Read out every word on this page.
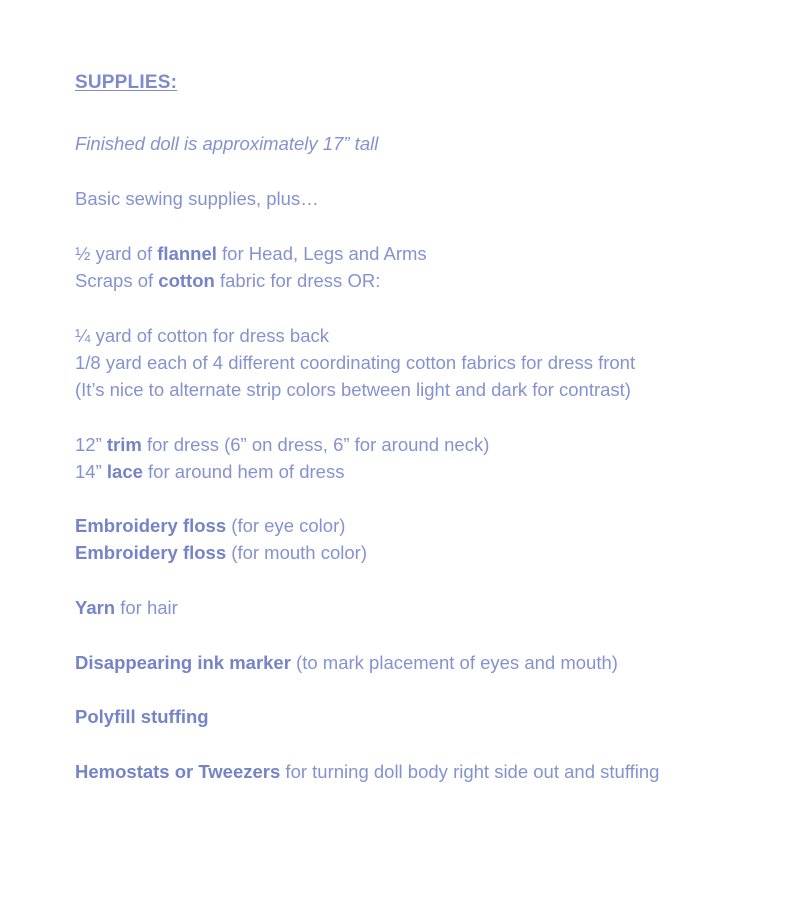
SUPPLIES:
Finished doll is approximately 17” tall
Basic sewing supplies, plus…
½ yard of flannel for Head, Legs and Arms
Scraps of cotton fabric for dress OR:
¼ yard of cotton for dress back
1/8 yard each of 4 different coordinating cotton fabrics for dress front
(It’s nice to alternate strip colors between light and dark for contrast)
12” trim for dress (6” on dress, 6” for around neck)
14” lace for around hem of dress
Embroidery floss (for eye color)
Embroidery floss (for mouth color)
Yarn for hair
Disappearing ink marker (to mark placement of eyes and mouth)
Polyfill stuffing
Hemostats or Tweezers for turning doll body right side out and stuffing
